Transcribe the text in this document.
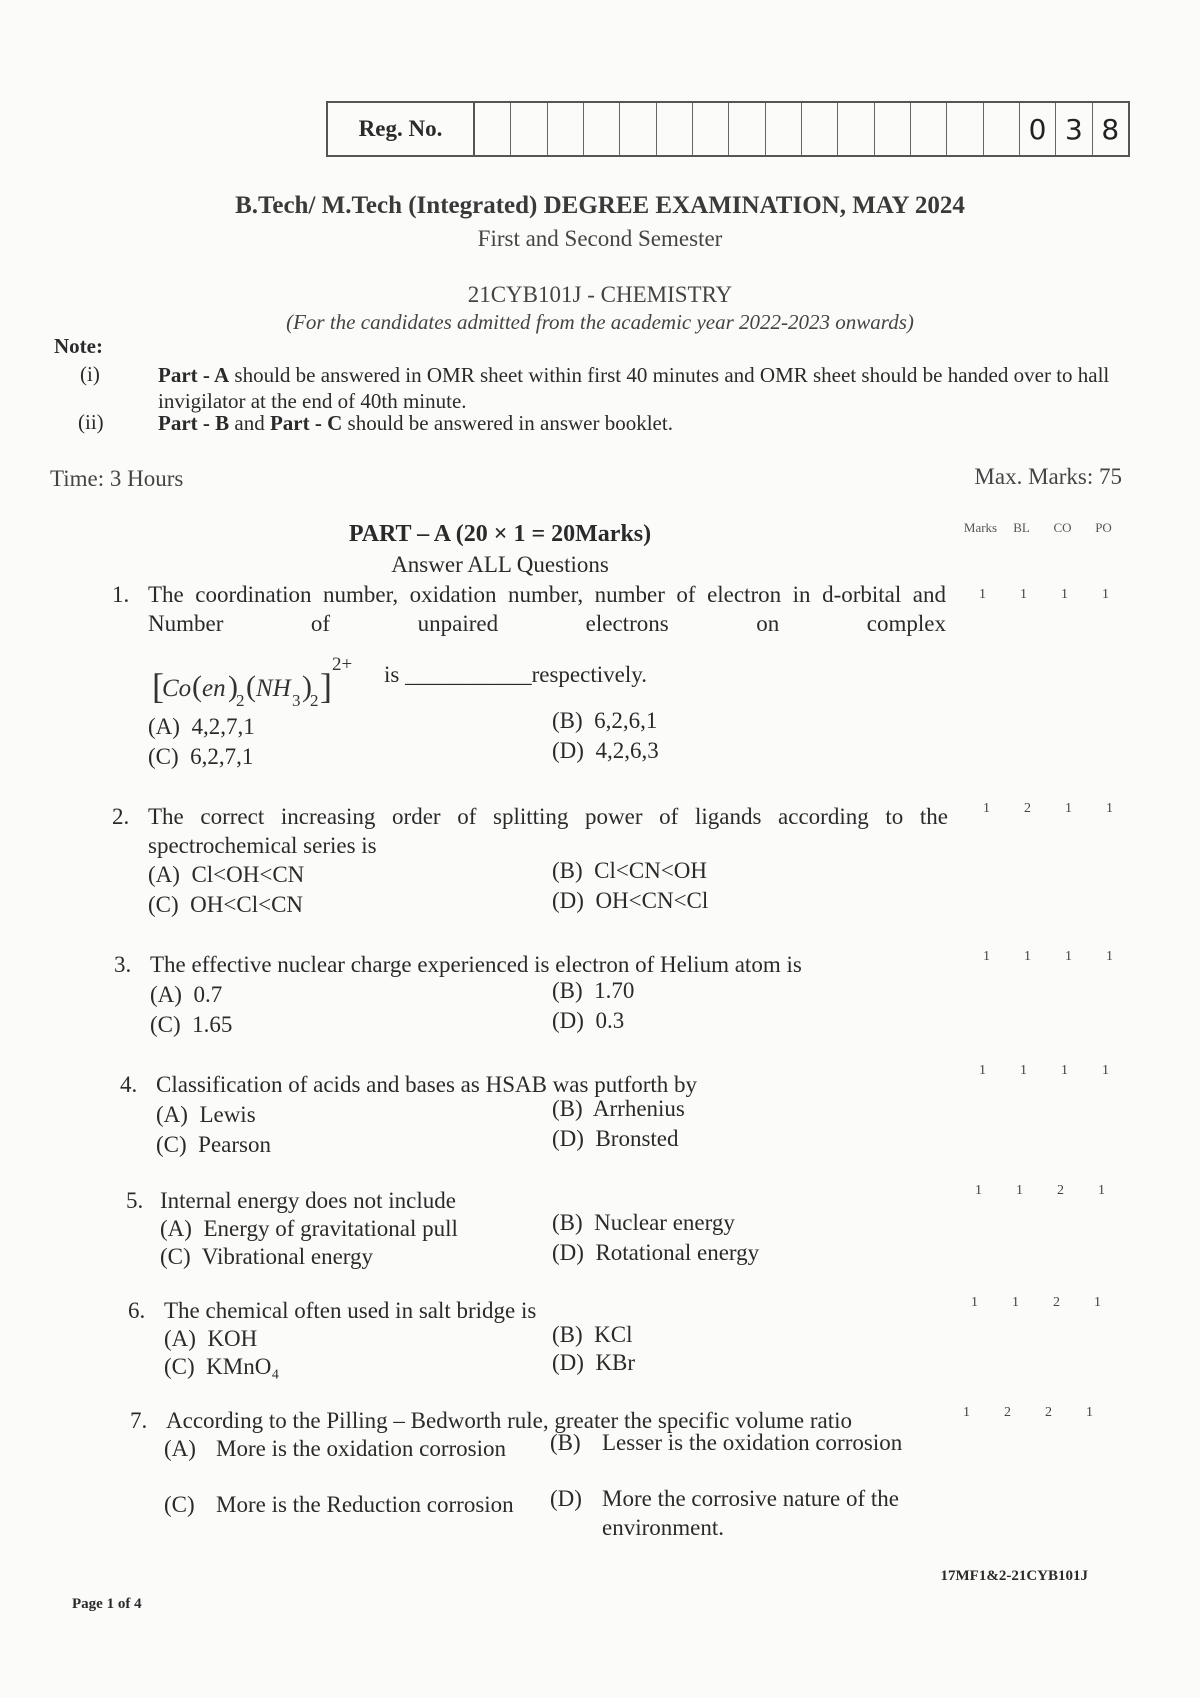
Reg. No.	0 3 8
B.Tech/ M.Tech (Integrated) DEGREE EXAMINATION, MAY 2024
First and Second Semester
21CYB101J - CHEMISTRY
(For the candidates admitted from the academic year 2022-2023 onwards)
Note:
(i)	Part - A should be answered in OMR sheet within first 40 minutes and OMR sheet should be handed over to hall invigilator at the end of 40th minute.
(ii)	Part - B and Part - C should be answered in answer booklet.
Time: 3 Hours	Max. Marks: 75
PART – A (20 × 1 = 20Marks)
Answer ALL Questions
Marks	BL	CO	PO
1. The coordination number, oxidation number, number of electron in d-orbital and Number of unpaired electrons on complex
[
Co ( en )
2 ( NH 3 )
2 ]
2+ is ___________respectively.
(A)  4,2,7,1	(B)  6,2,6,1
(C)  6,2,7,1	(D)  4,2,6,3
1	1	1	1
2. The correct increasing order of splitting power of ligands according to the spectrochemical series is
(A)  Cl<OH<CN	(B)  Cl<CN<OH
(C)  OH<Cl<CN	(D)  OH<CN<Cl
1	2	1	1
3. The effective nuclear charge experienced is electron of Helium atom is
(A)  0.7	(B)  1.70
(C)  1.65	(D)  0.3
1	1	1	1
4. Classification of acids and bases as HSAB was putforth by
(A)  Lewis	(B)  Arrhenius
(C)  Pearson	(D)  Bronsted
1	1	1	1
5. Internal energy does not include
(A)  Energy of gravitational pull	(B)  Nuclear energy
(C)  Vibrational energy	(D)  Rotational energy
1	1	2	1
6. The chemical often used in salt bridge is
(A)  KOH	(B)  KCl
(C)  KMnO₄	(D)  KBr
1	1	2	1
7. According to the Pilling – Bedworth rule, greater the specific volume ratio
(A) More is the oxidation corrosion	(B) Lesser is the oxidation corrosion
(C) More is the Reduction corrosion	(D) More the corrosive nature of the environment.
1	2	2	1
Page 1 of 4
17MF1&2-21CYB101J
